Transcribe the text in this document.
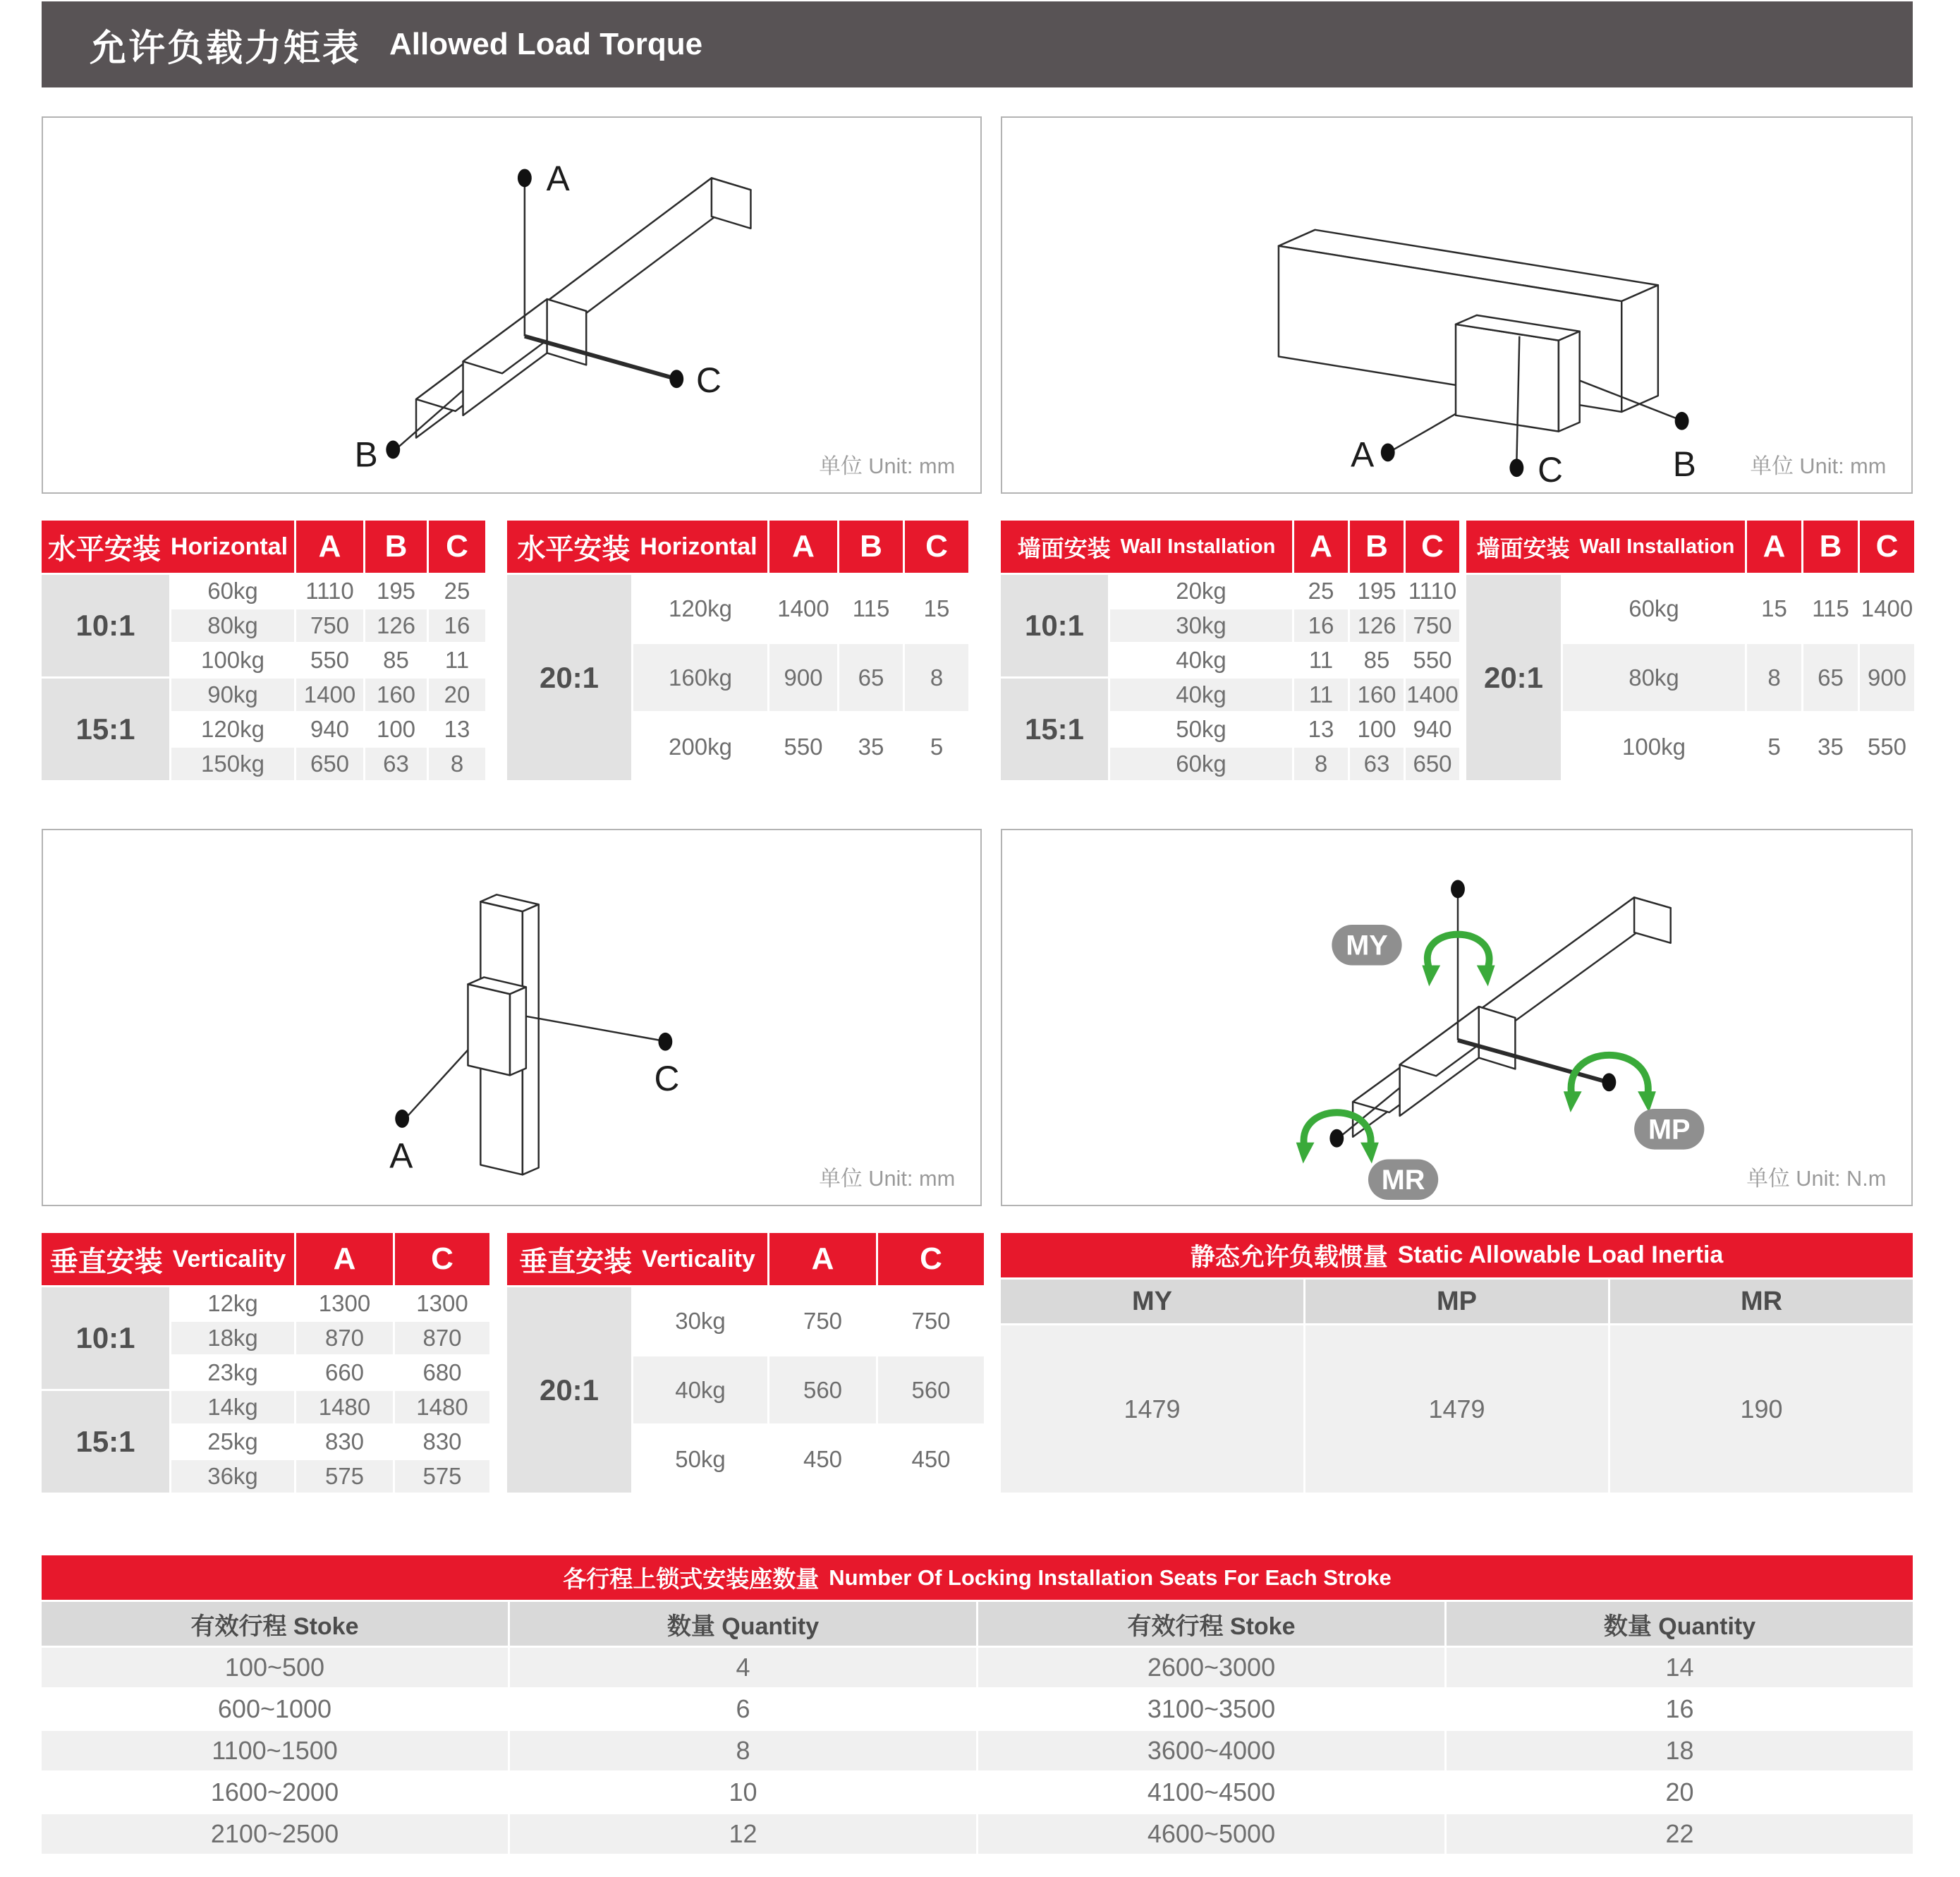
允许负载力矩表 Allowed Load Torque
A
C
B	单位 Unit: mm	A	B
C	单位 Unit: mm
水平安装 Horizontal A	B	C
10:1
60kg	1110 195	25
80kg	750	126	16
100kg	550	85	11
15:1
90kg	1400 160	20
120kg	940	100	13
150kg	650	63	8
水平安装 Horizontal	A	B	C
20:1
120kg	1400 115	15
160kg	900	65	8
200kg	550	35	5
墙面安装 Wall Installation	A	B	C
10:1
20kg	25	195 1110
30kg	16	126 750
40kg	11	85	550
15:1
40kg	11	160 1400
50kg	13	100 940
60kg	8	63	650
墙面安装 Wall Installation A	B	C
20:1
60kg	15	115 1400
80kg	8	65	900
100kg	5	35	550
C
A
单位 Unit: mm
MY
MP
MR	单位 Unit: N.m
垂直安装 Verticality	A	C
10:1
12kg	1300	1300
18kg	870	870
23kg	660	680
15:1
14kg	1480	1480
25kg	830	830
36kg	575	575
垂直安装 Verticality	A	C
20:1
30kg	750	750
40kg	560	560
50kg	450	450
静态允许负载惯量 Static Allowable Load Inertia
MY	MP	MR
1479	1479	190
各行程上锁式安装座数量 Number Of Locking Installation Seats For Each Stroke
有效行程 Stoke	数量 Quantity	有效行程 Stoke	数量 Quantity
100~500	4	2600~3000	14
600~1000	6	3100~3500	16
1100~1500	8	3600~4000	18
1600~2000	10	4100~4500	20
2100~2500	12	4600~5000	22
